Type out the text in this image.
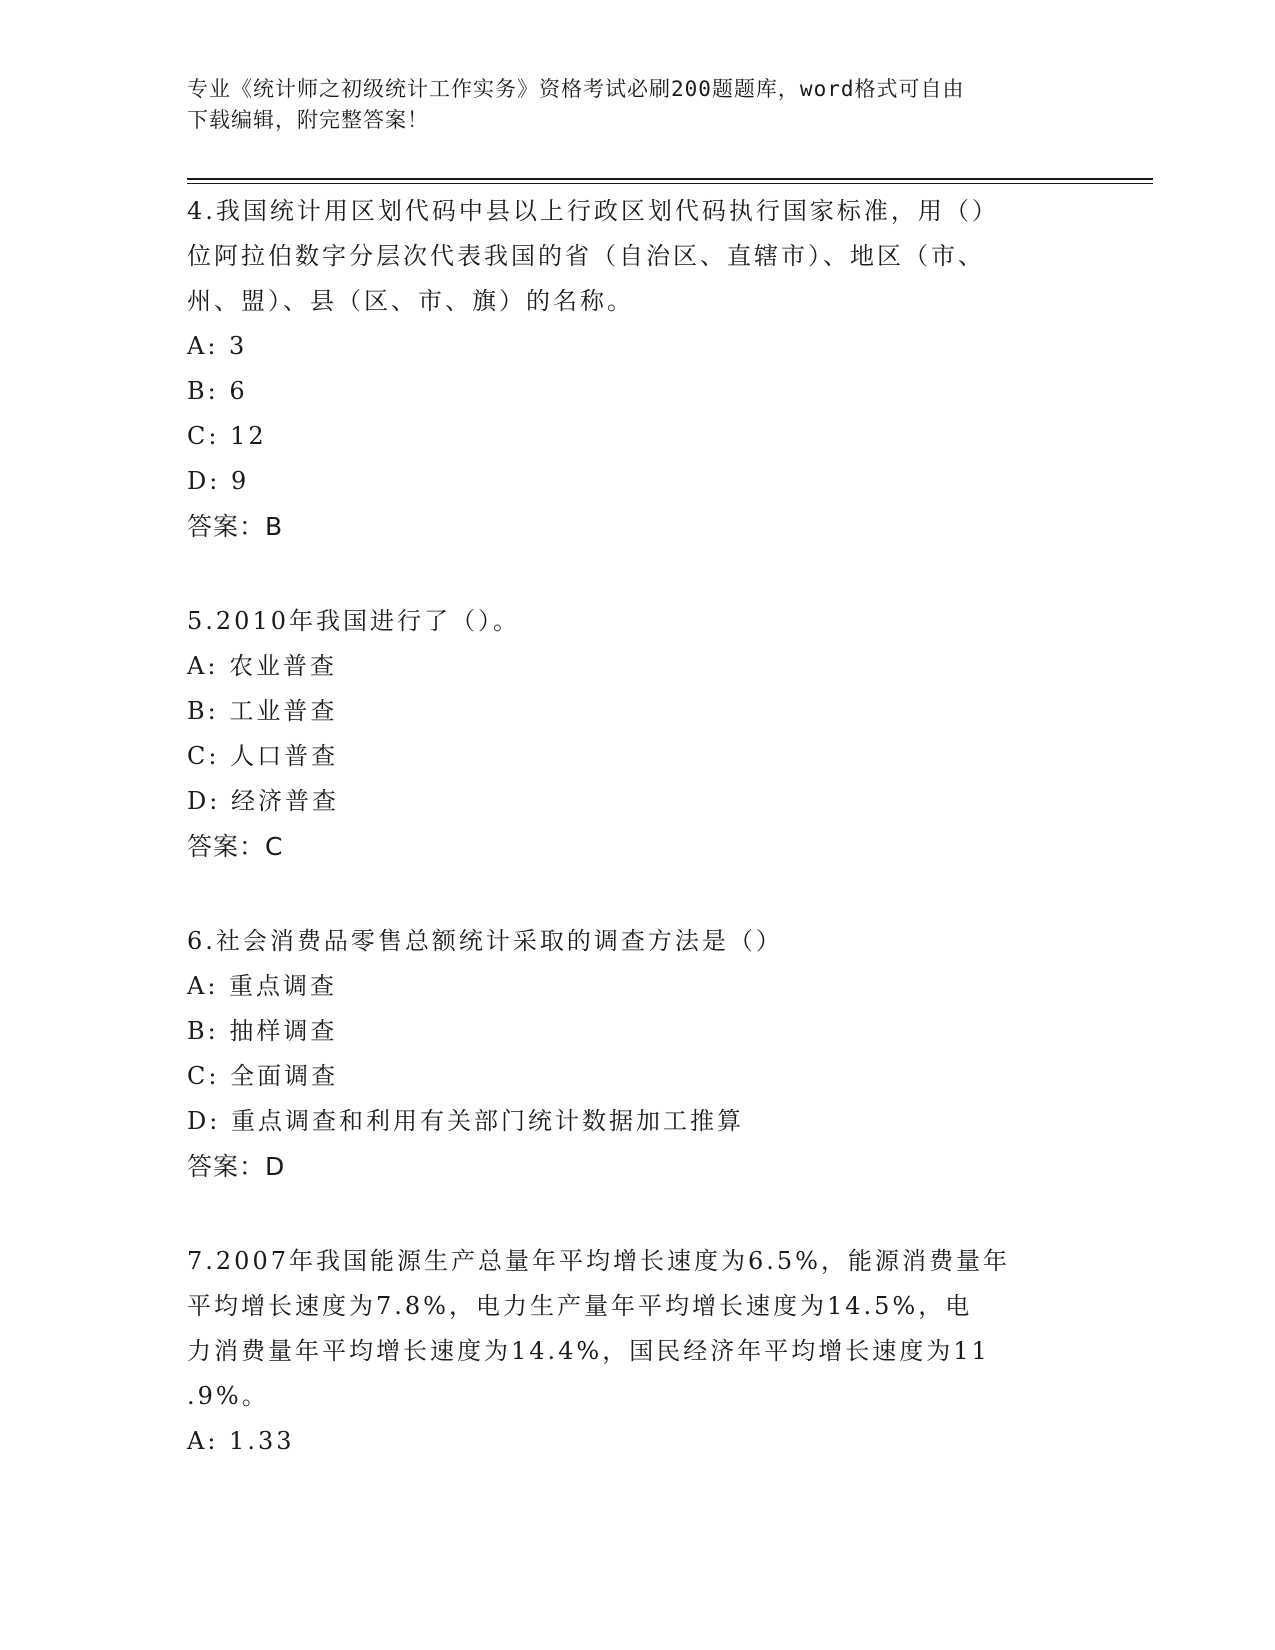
专业《统计师之初级统计工作实务》资格考试必刷200题题库，word格式可自由
下载编辑，附完整答案！
4.我国统计用区划代码中县以上行政区划代码执行国家标准，用（）
位阿拉伯数字分层次代表我国的省（自治区、直辖市）、地区（市、
州、盟）、县（区、市、旗）的名称。
A: 3
B: 6
C: 12
D: 9
答案：B
5.2010年我国进行了（）。
A: 农业普查
B: 工业普查
C: 人口普查
D: 经济普查
答案：C
6.社会消费品零售总额统计采取的调查方法是（）
A: 重点调查
B: 抽样调查
C: 全面调查
D: 重点调查和利用有关部门统计数据加工推算
答案：D
7.2007年我国能源生产总量年平均增长速度为6.5%，能源消费量年
平均增长速度为7.8%，电力生产量年平均增长速度为14.5%，电
力消费量年平均增长速度为14.4%，国民经济年平均增长速度为11
.9%。
A: 1.33
